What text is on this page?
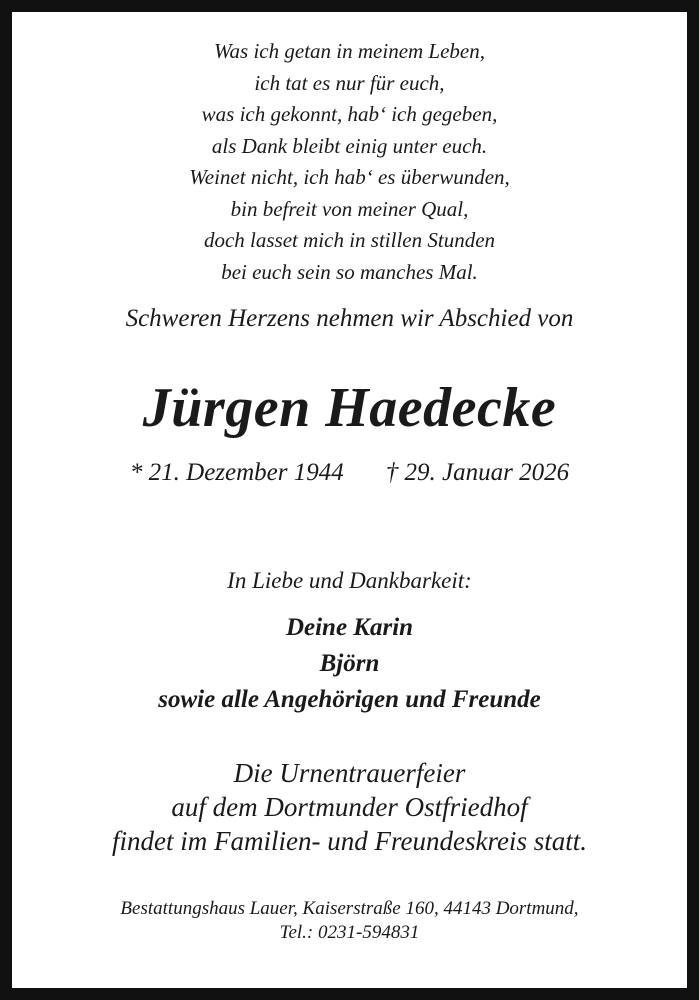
Was ich getan in meinem Leben,
ich tat es nur für euch,
was ich gekonnt, hab‘ ich gegeben,
als Dank bleibt einig unter euch.
Weinet nicht, ich hab‘ es überwunden,
bin befreit von meiner Qual,
doch lasset mich in stillen Stunden
bei euch sein so manches Mal.
Schweren Herzens nehmen wir Abschied von
Jürgen Haedecke
* 21. Dezember 1944 † 29. Januar 2026
In Liebe und Dankbarkeit:
Deine Karin
Björn
sowie alle Angehörigen und Freunde
Die Urnentrauerfeier
auf dem Dortmunder Ostfriedhof
findet im Familien- und Freundeskreis statt.
Bestattungshaus Lauer, Kaiserstraße 160, 44143 Dortmund,
Tel.: 0231-594831
